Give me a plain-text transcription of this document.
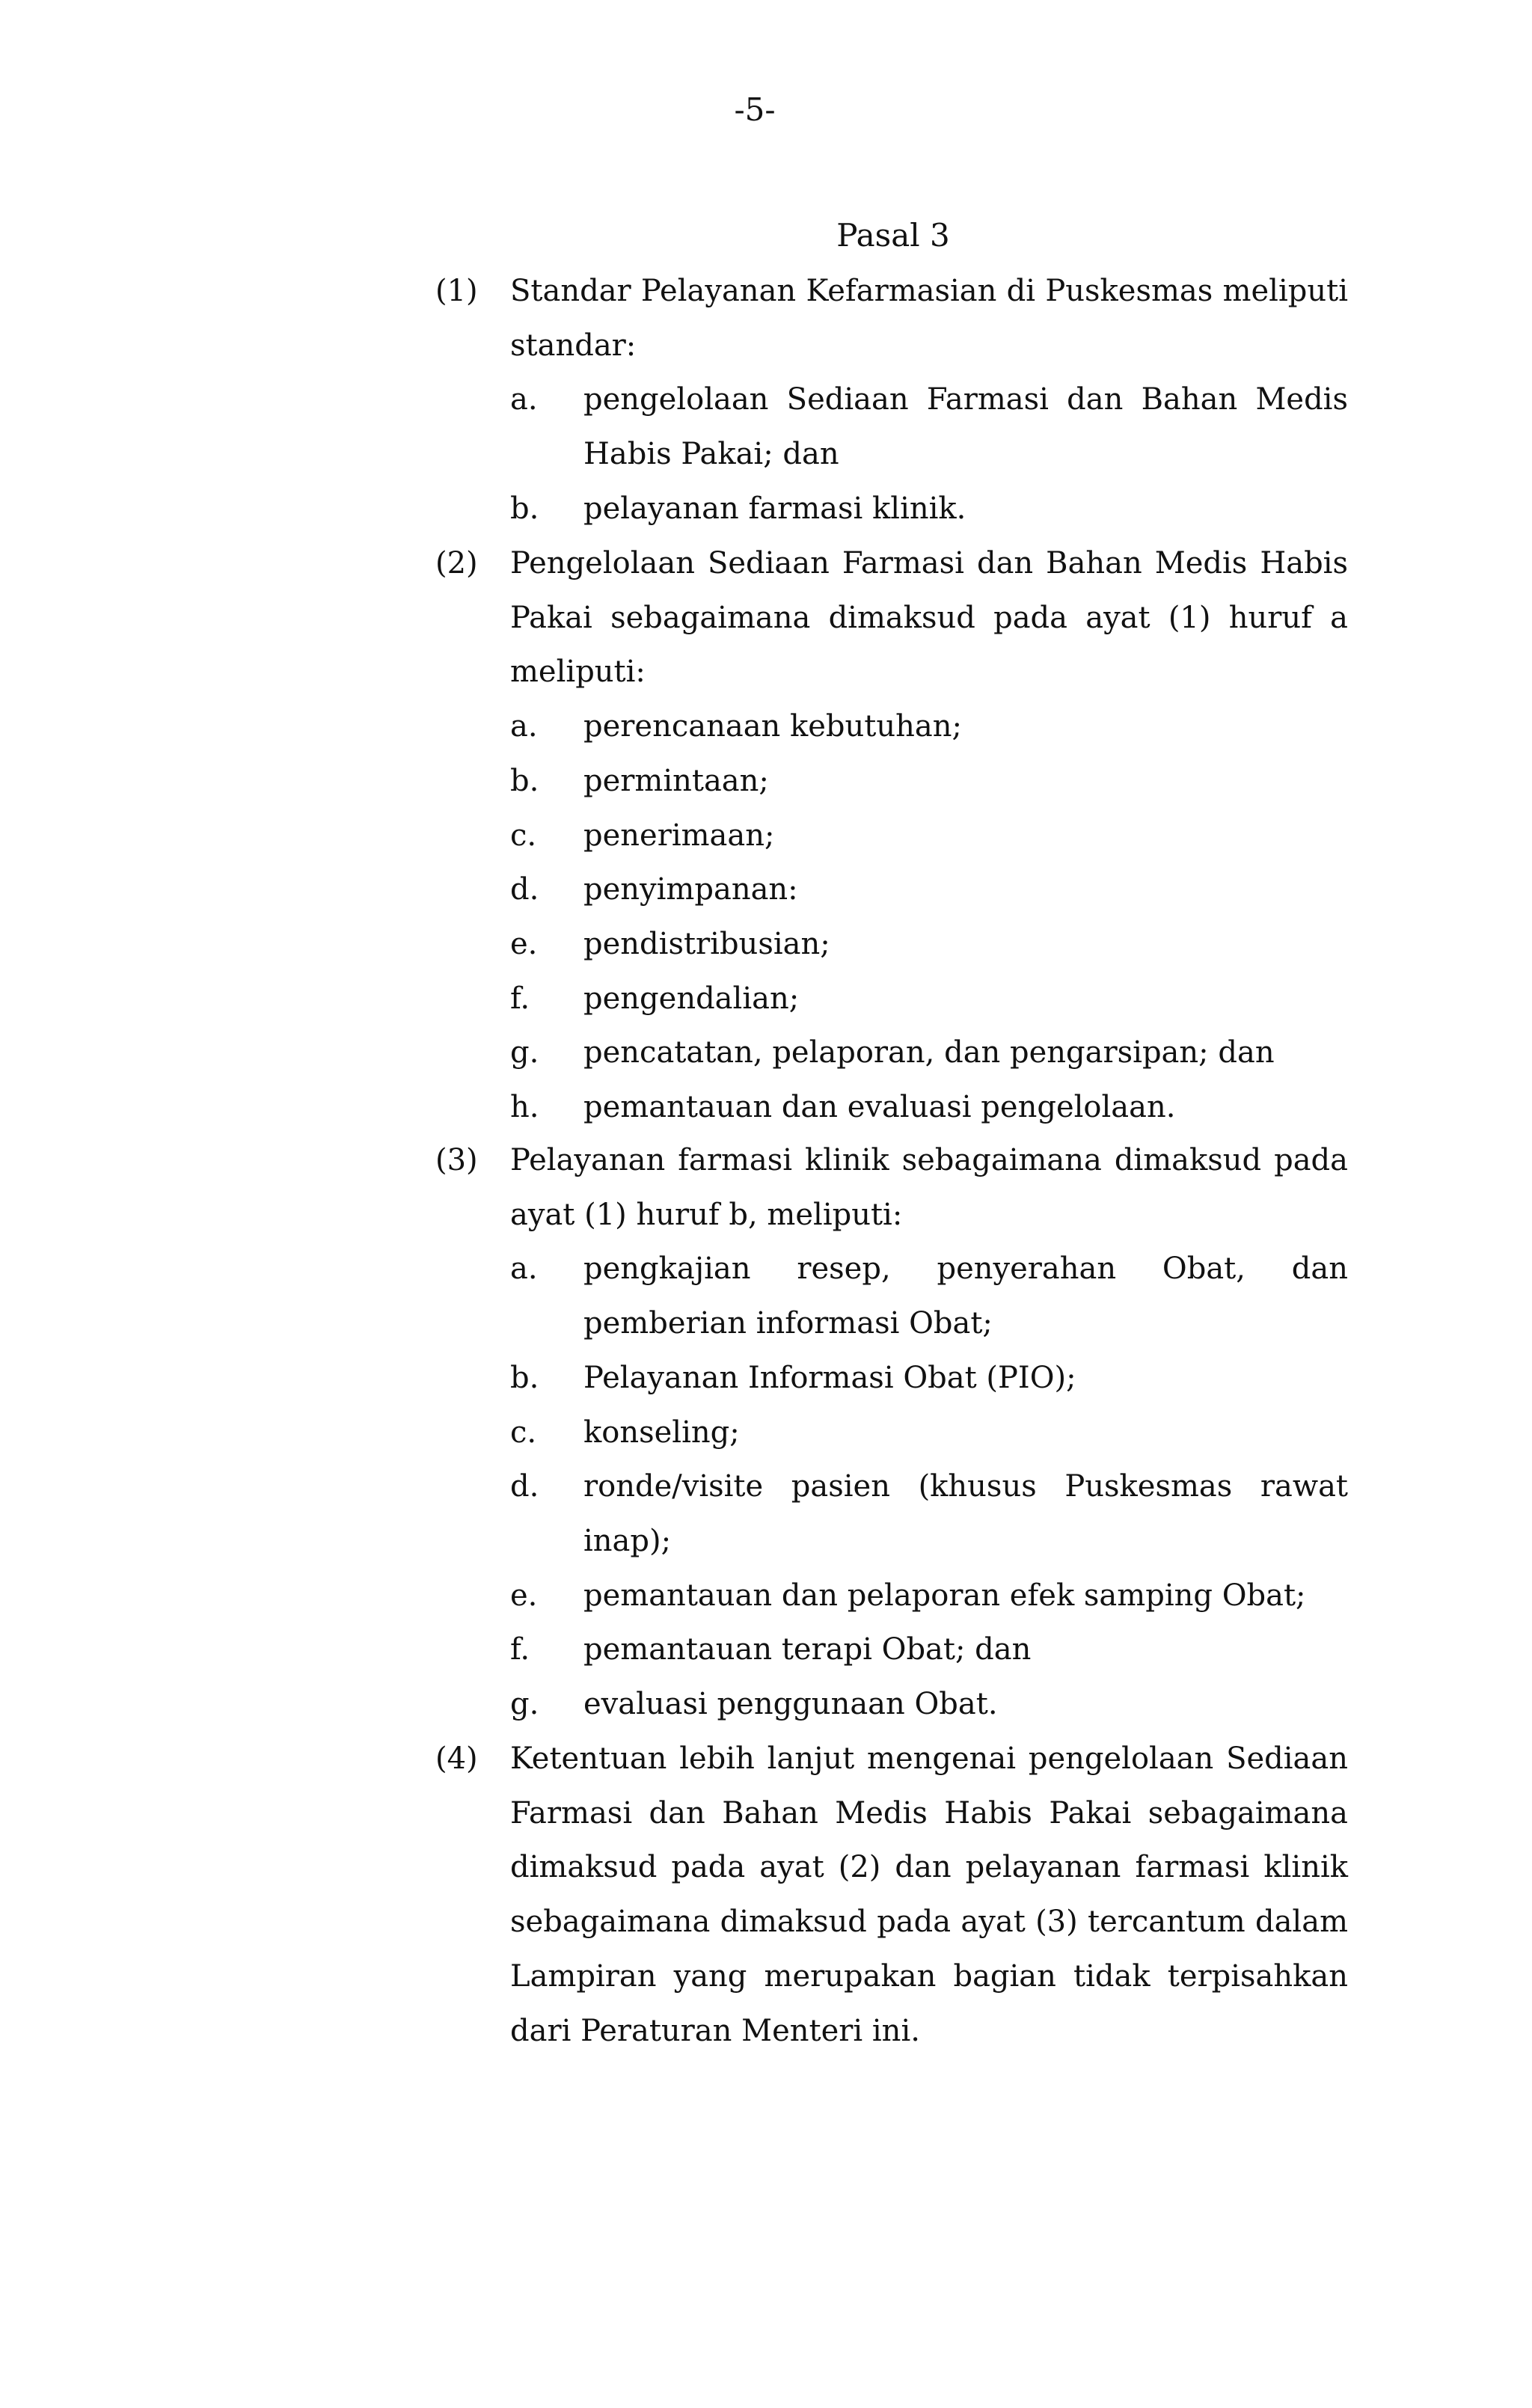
-5-
Pasal 3
(1)	Standar Pelayanan Kefarmasian di Puskesmas meliputi standar:
a.	pengelolaan Sediaan Farmasi dan Bahan Medis Habis Pakai; dan
b.	pelayanan farmasi klinik.
(2)	Pengelolaan Sediaan Farmasi dan Bahan Medis Habis Pakai sebagaimana dimaksud pada ayat (1) huruf a meliputi:
a.	perencanaan kebutuhan;
b.	permintaan;
c.	penerimaan;
d.	penyimpanan:
e.	pendistribusian;
f.	pengendalian;
g.	pencatatan, pelaporan, dan pengarsipan; dan
h.	pemantauan dan evaluasi pengelolaan.
(3)	Pelayanan farmasi klinik sebagaimana dimaksud pada ayat (1) huruf b, meliputi:
a.	pengkajian resep, penyerahan Obat, dan pemberian informasi Obat;
b.	Pelayanan Informasi Obat (PIO);
c.	konseling;
d.	ronde/visite pasien (khusus Puskesmas rawat inap);
e.	pemantauan dan pelaporan efek samping Obat;
f.	pemantauan terapi Obat; dan
g.	evaluasi penggunaan Obat.
(4)	Ketentuan lebih lanjut mengenai pengelolaan Sediaan Farmasi dan Bahan Medis Habis Pakai sebagaimana dimaksud pada ayat (2) dan pelayanan farmasi klinik sebagaimana dimaksud pada ayat (3) tercantum dalam Lampiran yang merupakan bagian tidak terpisahkan dari Peraturan Menteri ini.
